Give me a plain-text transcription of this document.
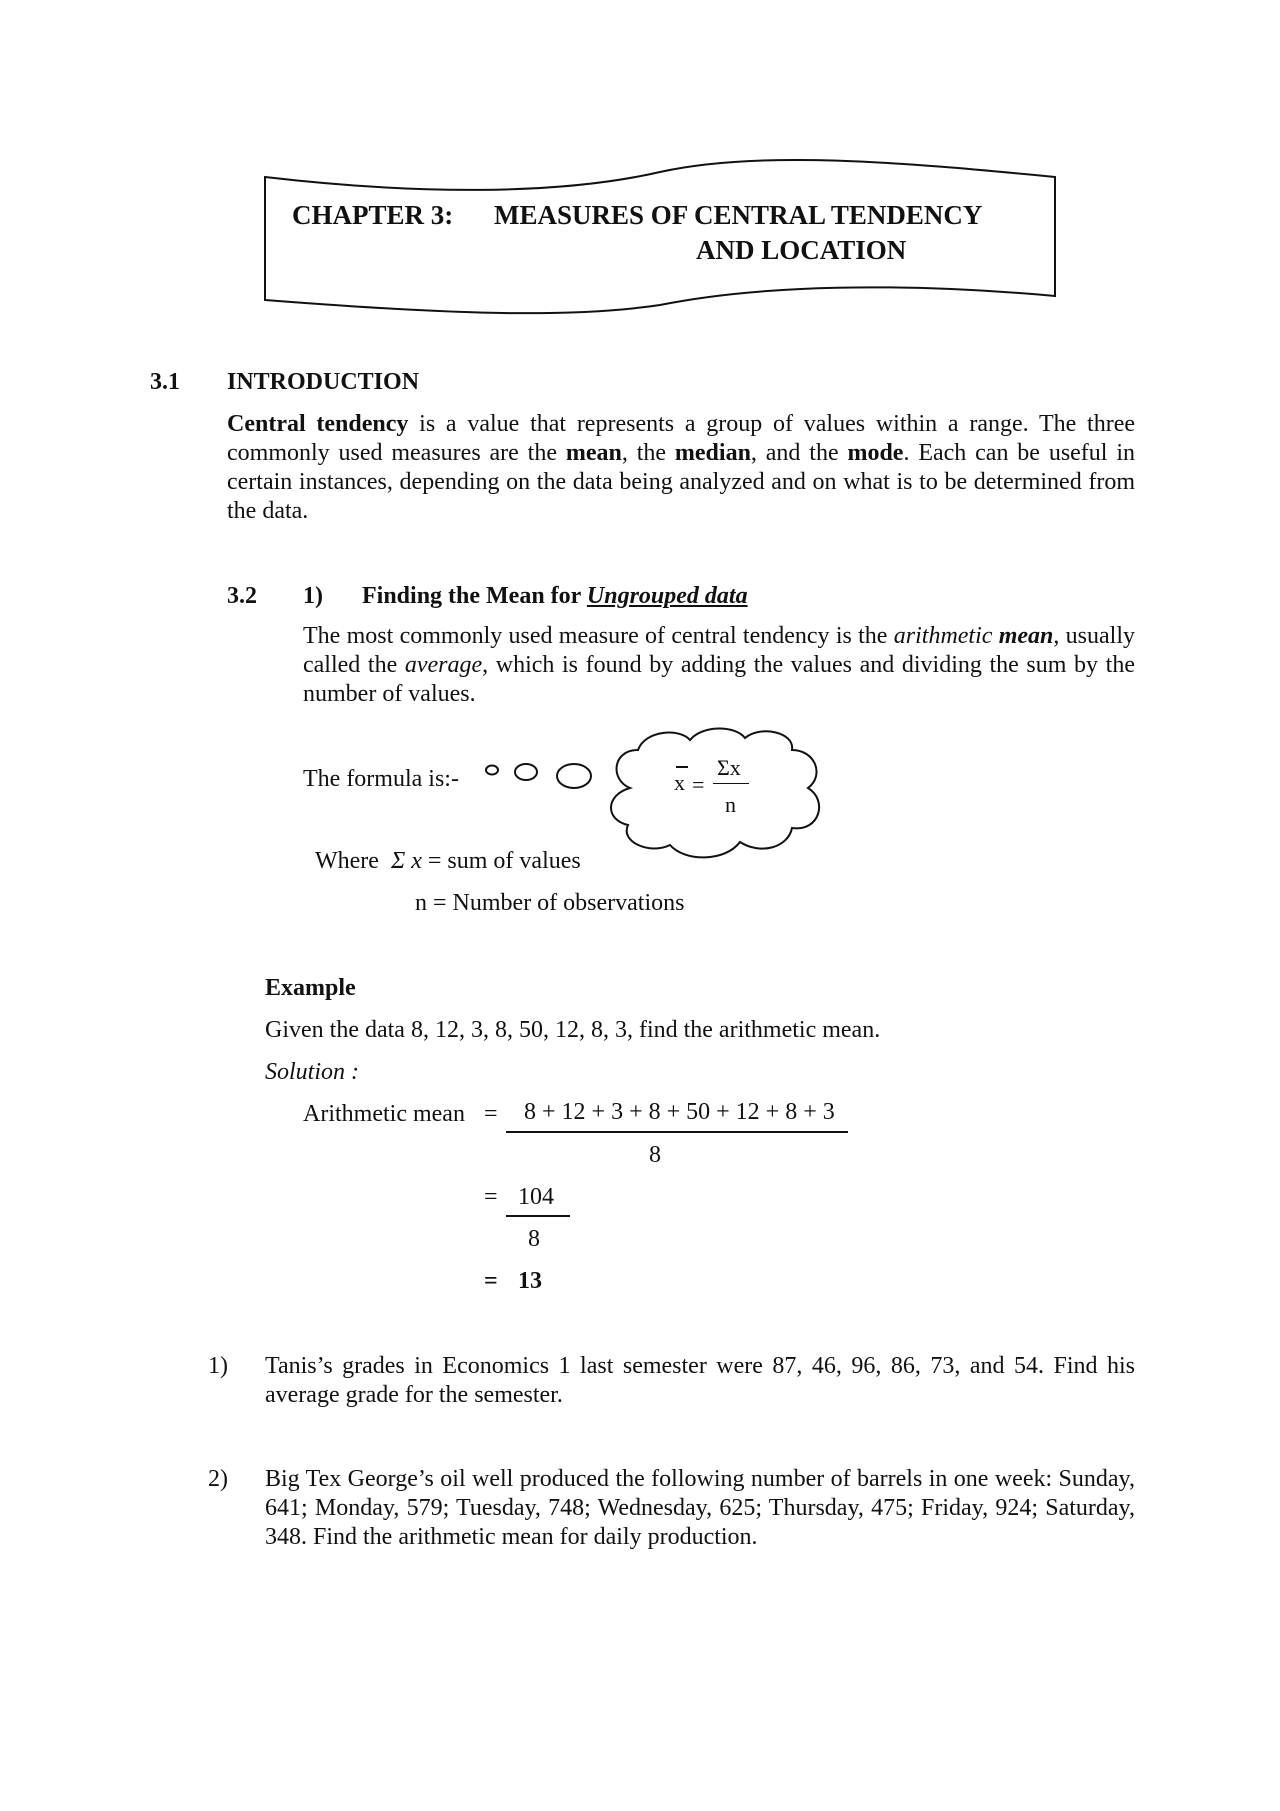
CHAPTER 3: MEASURES OF CENTRAL TENDENCY
AND LOCATION
3.1 INTRODUCTION
Central tendency is a value that represents a group of values within a range. The three commonly used measures are the mean, the median, and the mode. Each can be useful in certain instances, depending on the data being analyzed and on what is to be determined from the data.
3.2 1) Finding the Mean for Ungrouped data
The most commonly used measure of central tendency is the arithmetic mean, usually called the average, which is found by adding the values and dividing the sum by the number of values.
The formula is:-	x =
Σx
n
Where Σ x = sum of values
n = Number of observations
Example
Given the data 8, 12, 3, 8, 50, 12, 8, 3, find the arithmetic mean.
Solution :
Arithmetic mean = 8 + 12 + 3 + 8 + 50 + 12 + 8 + 3
8
= 104
8
= 13
1) Tanis’s grades in Economics 1 last semester were 87, 46, 96, 86, 73, and 54. Find his average grade for the semester.
2) Big Tex George’s oil well produced the following number of barrels in one week: Sunday, 641; Monday, 579; Tuesday, 748; Wednesday, 625; Thursday, 475; Friday, 924; Saturday, 348. Find the arithmetic mean for daily production.
